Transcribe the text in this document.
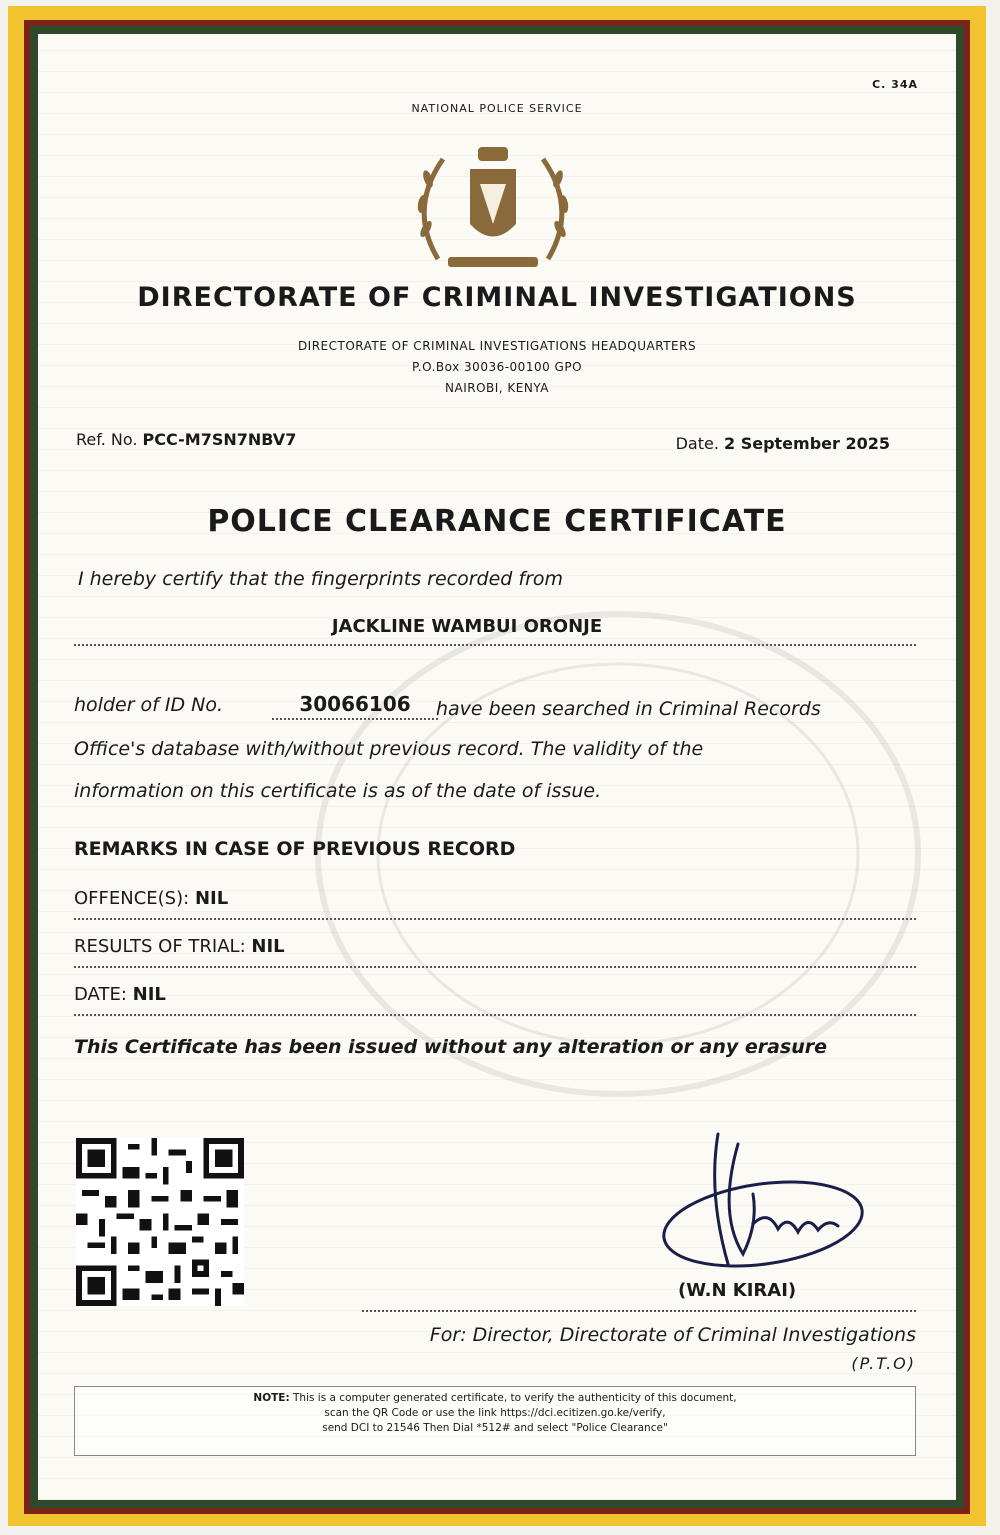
C. 34A
NATIONAL POLICE SERVICE
DIRECTORATE OF CRIMINAL INVESTIGATIONS
DIRECTORATE OF CRIMINAL INVESTIGATIONS HEADQUARTERS
P.O.Box 30036-00100 GPO
NAIROBI, KENYA
Ref. No. PCC-M7SN7NBV7	Date. 2 September 2025
POLICE CLEARANCE CERTIFICATE
I hereby certify that the fingerprints recorded from
JACKLINE WAMBUI ORONJE
holder of ID No.	30066106	have been searched in Criminal Records
Office's database with/without previous record. The validity of the
information on this certificate is as of the date of issue.
REMARKS IN CASE OF PREVIOUS RECORD
OFFENCE(S): NIL
RESULTS OF TRIAL: NIL
DATE: NIL
This Certificate has been issued without any alteration or any erasure
(W.N KIRAI)
For: Director, Directorate of Criminal Investigations
(P.T.O)
NOTE: This is a computer generated certificate, to verify the authenticity of this document,
scan the QR Code or use the link https://dci.ecitizen.go.ke/verify,
send DCI to 21546 Then Dial *512# and select "Police Clearance"
